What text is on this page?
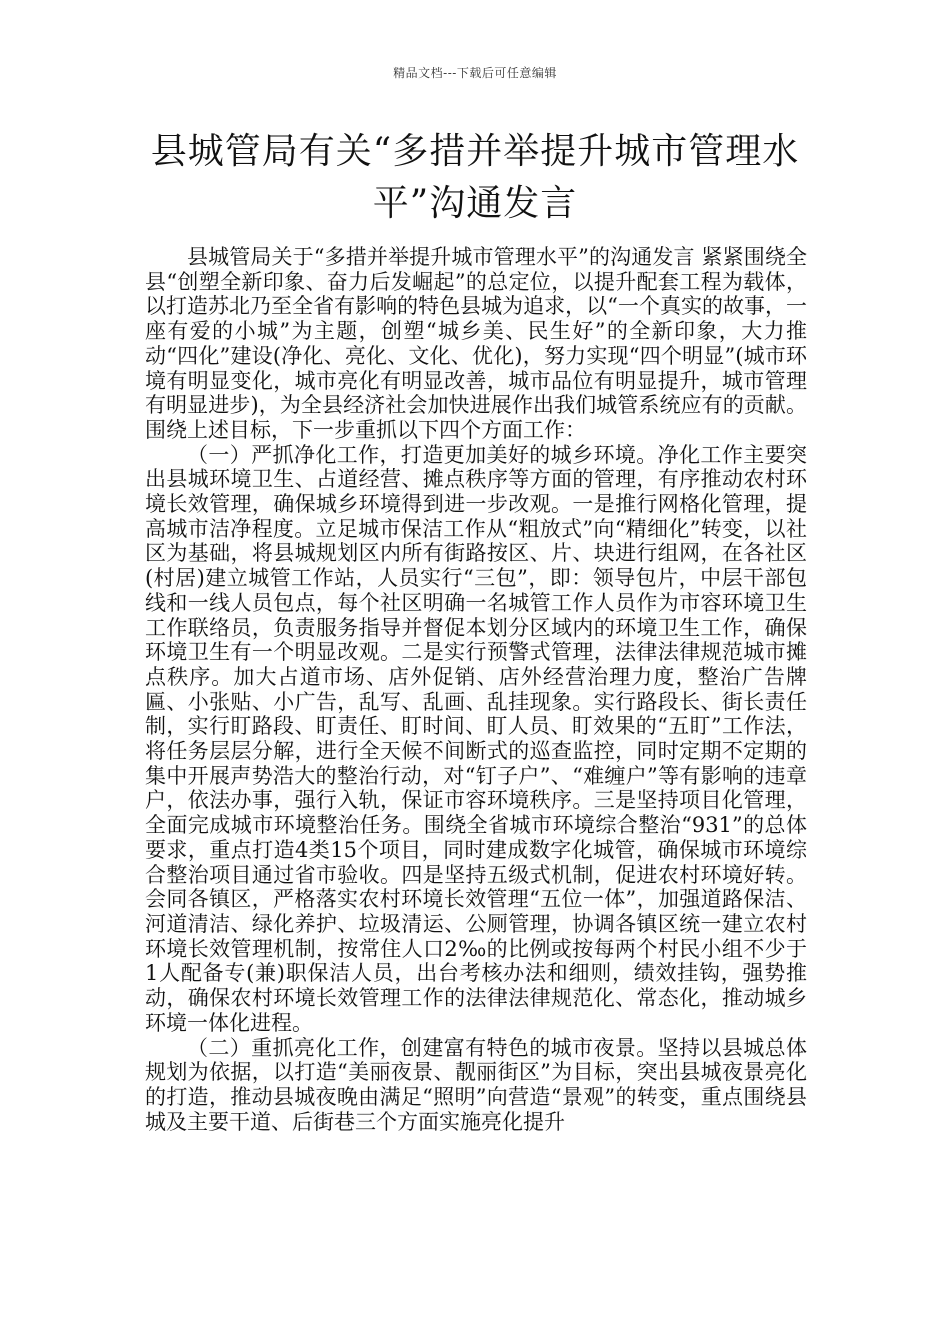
精品文档---下载后可任意编辑
县城管局有关“多措并举提升城市管理水平”沟通发言

县城管局关于“多措并举提升城市管理水平”的沟通发言 紧紧围绕全县“创塑全新印象、奋力后发崛起”的总定位，以提升配套工程为载体，以打造苏北乃至全省有影响的特色县城为追求，以“一个真实的故事，一座有爱的小城”为主题，创塑“城乡美、民生好”的全新印象，大力推动“四化”建设(净化、亮化、文化、优化)，努力实现“四个明显”(城市环境有明显变化，城市亮化有明显改善，城市品位有明显提升，城市管理有明显进步)，为全县经济社会加快进展作出我们城管系统应有的贡献。围绕上述目标，下一步重抓以下四个方面工作：

（一）严抓净化工作，打造更加美好的城乡环境。净化工作主要突出县城环境卫生、占道经营、摊点秩序等方面的管理，有序推动农村环境长效管理，确保城乡环境得到进一步改观。一是推行网格化管理，提高城市洁净程度。立足城市保洁工作从“粗放式”向“精细化”转变，以社区为基础，将县城规划区内所有街路按区、片、块进行组网，在各社区(村居)建立城管工作站，人员实行“三包”，即：领导包片，中层干部包线和一线人员包点，每个社区明确一名城管工作人员作为市容环境卫生工作联络员，负责服务指导并督促本划分区域内的环境卫生工作，确保环境卫生有一个明显改观。二是实行预警式管理，法律法律规范城市摊点秩序。加大占道市场、店外促销、店外经营治理力度，整治广告牌匾、小张贴、小广告，乱写、乱画、乱挂现象。实行路段长、街长责任制，实行盯路段、盯责任、盯时间、盯人员、盯效果的“五盯”工作法，将任务层层分解，进行全天候不间断式的巡查监控，同时定期不定期的集中开展声势浩大的整治行动，对“钉子户”、“难缠户”等有影响的违章户，依法办事，强行入轨，保证市容环境秩序。三是坚持项目化管理，全面完成城市环境整治任务。围绕全省城市环境综合整治“931”的总体要求，重点打造4类15个项目，同时建成数字化城管，确保城市环境综合整治项目通过省市验收。四是坚持五级式机制，促进农村环境好转。会同各镇区，严格落实农村环境长效管理“五位一体”，加强道路保洁、河道清洁、绿化养护、垃圾清运、公厕管理，协调各镇区统一建立农村环境长效管理机制，按常住人口2‰的比例或按每两个村民小组不少于1人配备专(兼)职保洁人员，出台考核办法和细则，绩效挂钩，强势推动，确保农村环境长效管理工作的法律法律规范化、常态化，推动城乡环境一体化进程。

（二）重抓亮化工作，创建富有特色的城市夜景。坚持以县城总体规划为依据，以打造“美丽夜景、靓丽街区”为目标，突出县城夜景亮化的打造，推动县城夜晚由满足“照明”向营造“景观”的转变，重点围绕县城及主要干道、后街巷三个方面实施亮化提升
